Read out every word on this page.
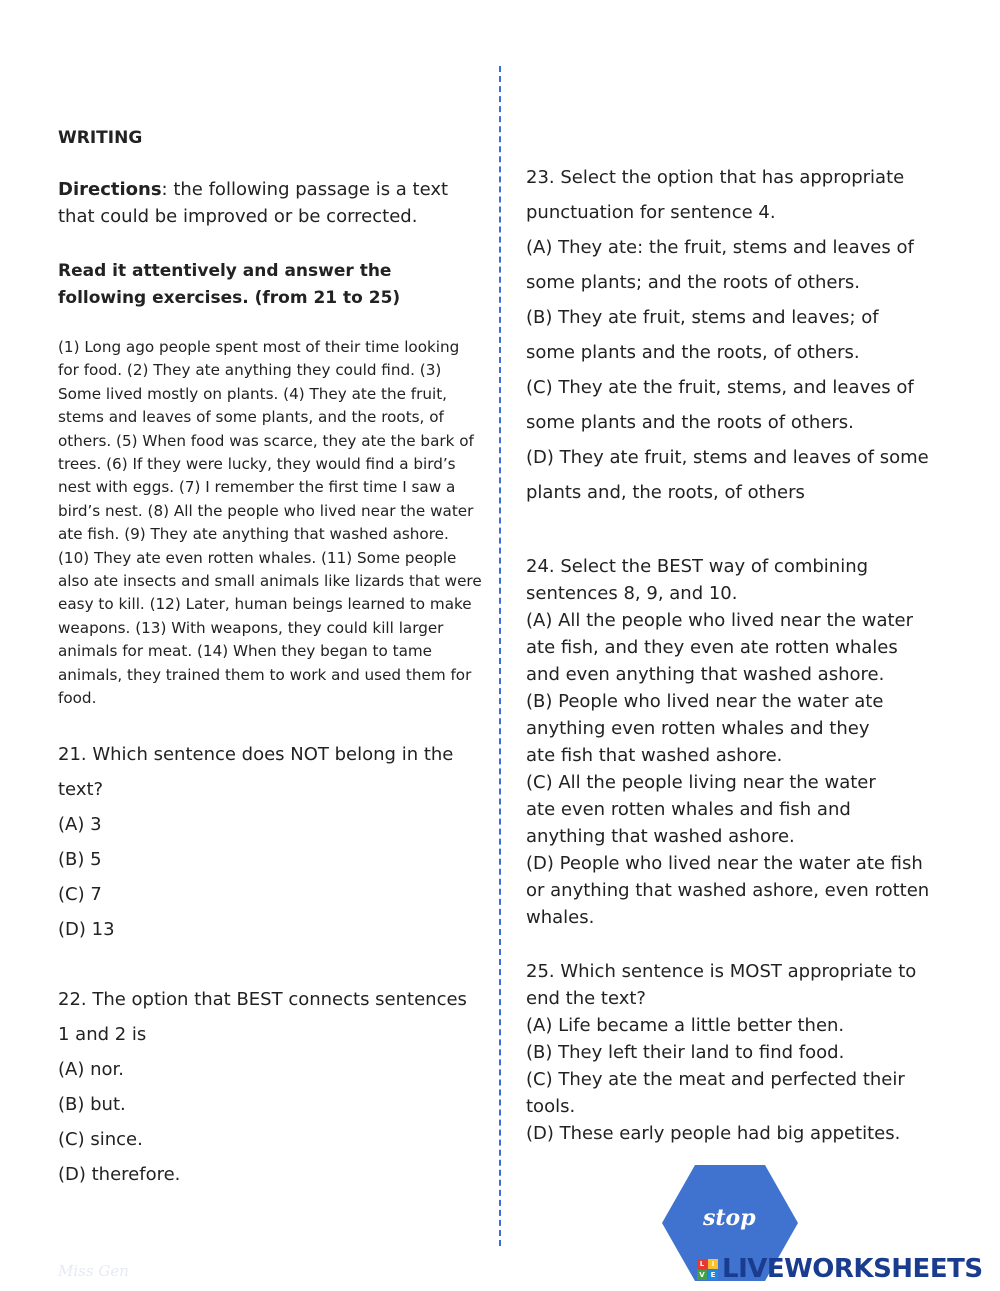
WRITING

Directions: the following passage is a text that could be improved or be corrected.

Read it attentively and answer the following exercises. (from 21 to 25)

(1) Long ago people spent most of their time looking for food. (2) They ate anything they could find. (3) Some lived mostly on plants. (4) They ate the fruit, stems and leaves of some plants, and the roots, of others. (5) When food was scarce, they ate the bark of trees. (6) If they were lucky, they would find a bird’s nest with eggs. (7) I remember the first time I saw a bird’s nest. (8) All the people who lived near the water ate fish. (9) They ate anything that washed ashore. (10) They ate even rotten whales. (11) Some people also ate insects and small animals like lizards that were easy to kill. (12) Later, human beings learned to make weapons. (13) With weapons, they could kill larger animals for meat. (14) When they began to tame animals, they trained them to work and used them for food.

21. Which sentence does NOT belong in the
text?
(A) 3
(B) 5
(C) 7
(D) 13
22. The option that BEST connects sentences
1 and 2 is
(A) nor.
(B) but.
(C) since.
(D) therefore.
23. Select the option that has appropriate
punctuation for sentence 4.
(A) They ate: the fruit, stems and leaves of
some plants; and the roots of others.
(B) They ate fruit, stems and leaves; of
some plants and the roots, of others.
(C) They ate the fruit, stems, and leaves of
some plants and the roots of others.
(D) They ate fruit, stems and leaves of some
plants and, the roots, of others
24. Select the BEST way of combining
sentences 8, 9, and 10.
(A) All the people who lived near the water
ate fish, and they even ate rotten whales
and even anything that washed ashore.
(B) People who lived near the water ate
anything even rotten whales and they
ate fish that washed ashore.
(C) All the people living near the water
ate even rotten whales and fish and
anything that washed ashore.
(D) People who lived near the water ate fish
or anything that washed ashore, even rotten
whales.
25. Which sentence is MOST appropriate to
end the text?
(A) Life became a little better then.
(B) They left their land to find food.
(C) They ate the meat and perfected their
tools.
(D) These early people had big appetites.
stop
L	I
V E LIVEWORKSHEETS
Miss Gen
